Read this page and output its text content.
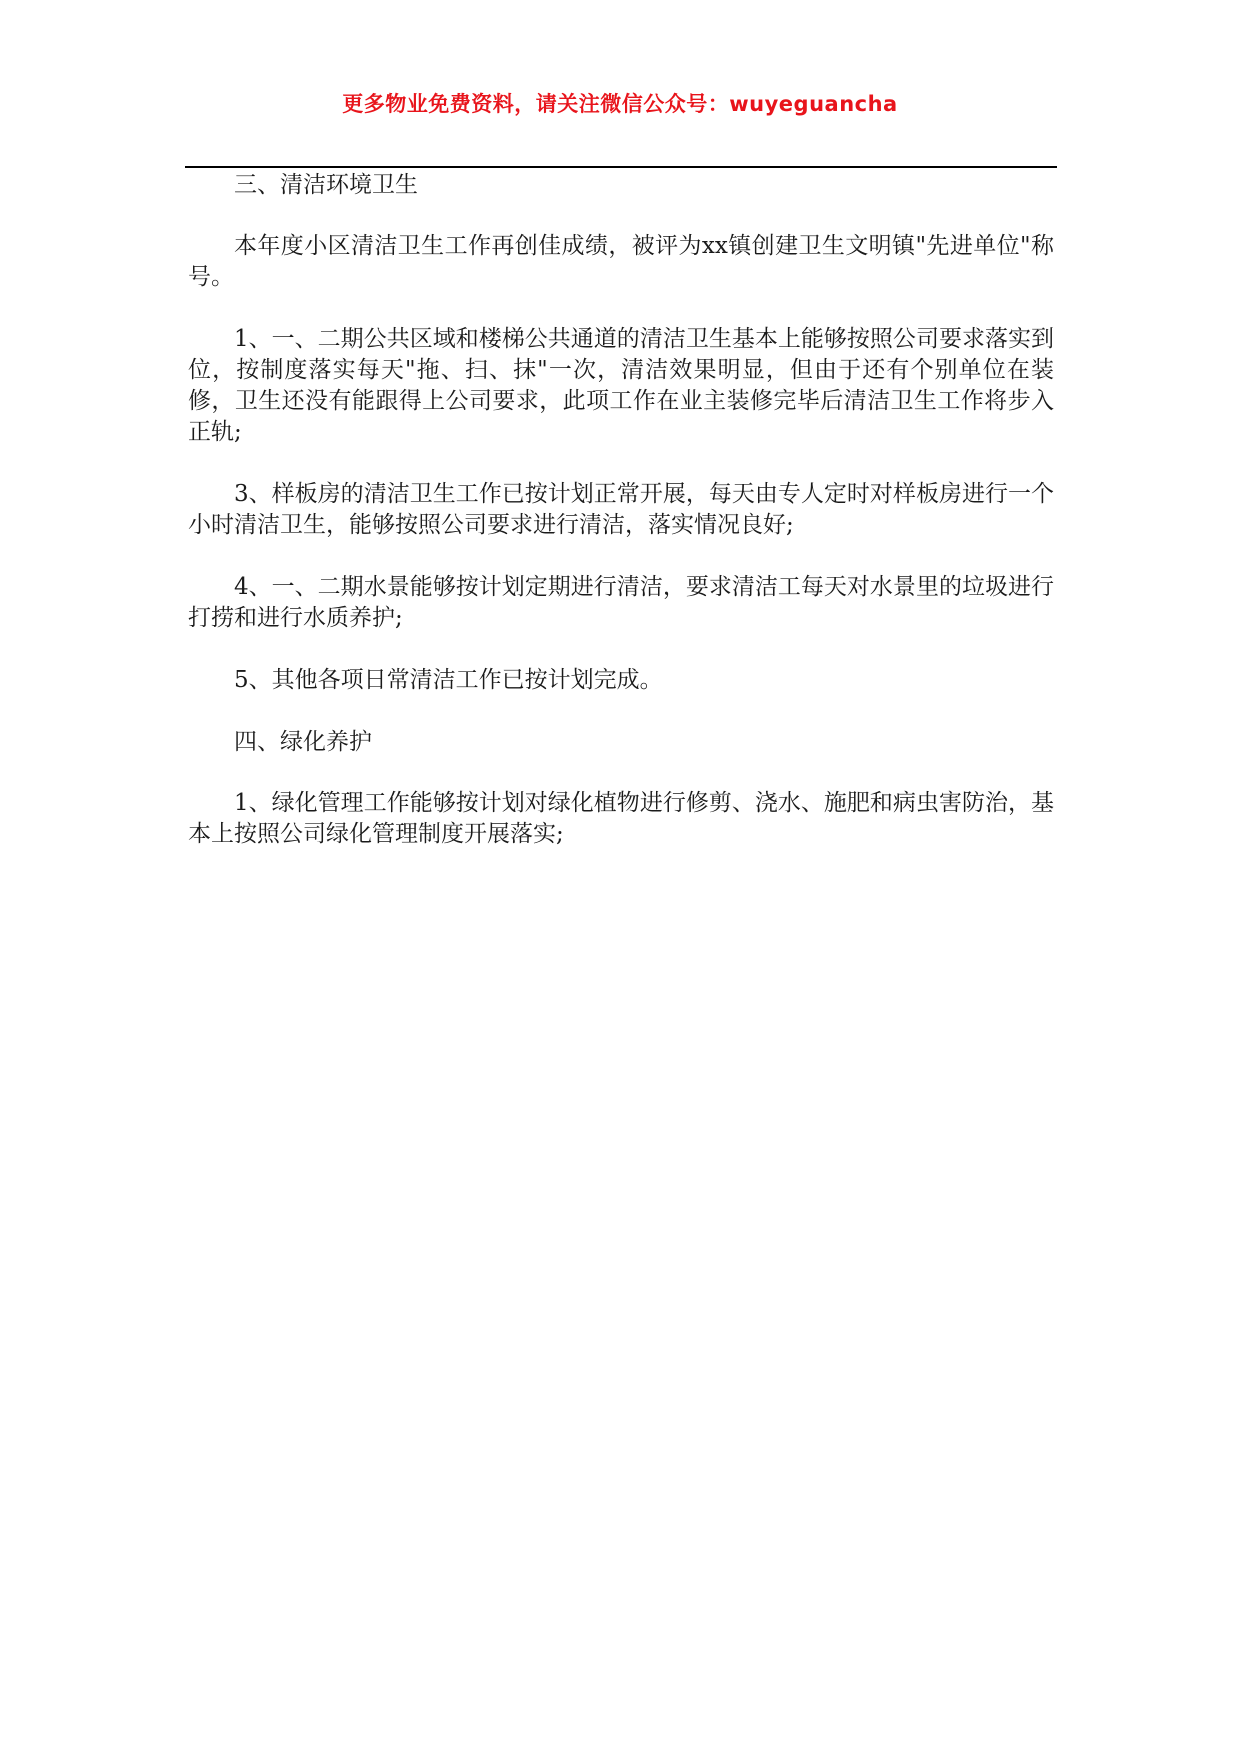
更多物业免费资料，请关注微信公众号：wuyeguancha

三、清洁环境卫生

本年度小区清洁卫生工作再创佳成绩，被评为xx镇创建卫生文明镇"先进单位"称号。

1、一、二期公共区域和楼梯公共通道的清洁卫生基本上能够按照公司要求落实到位，按制度落实每天"拖、扫、抹"一次，清洁效果明显，但由于还有个别单位在装修，卫生还没有能跟得上公司要求，此项工作在业主装修完毕后清洁卫生工作将步入正轨;

3、样板房的清洁卫生工作已按计划正常开展，每天由专人定时对样板房进行一个小时清洁卫生，能够按照公司要求进行清洁，落实情况良好;

4、一、二期水景能够按计划定期进行清洁，要求清洁工每天对水景里的垃圾进行打捞和进行水质养护;

5、其他各项日常清洁工作已按计划完成。

四、绿化养护

1、绿化管理工作能够按计划对绿化植物进行修剪、浇水、施肥和病虫害防治，基本上按照公司绿化管理制度开展落实;
